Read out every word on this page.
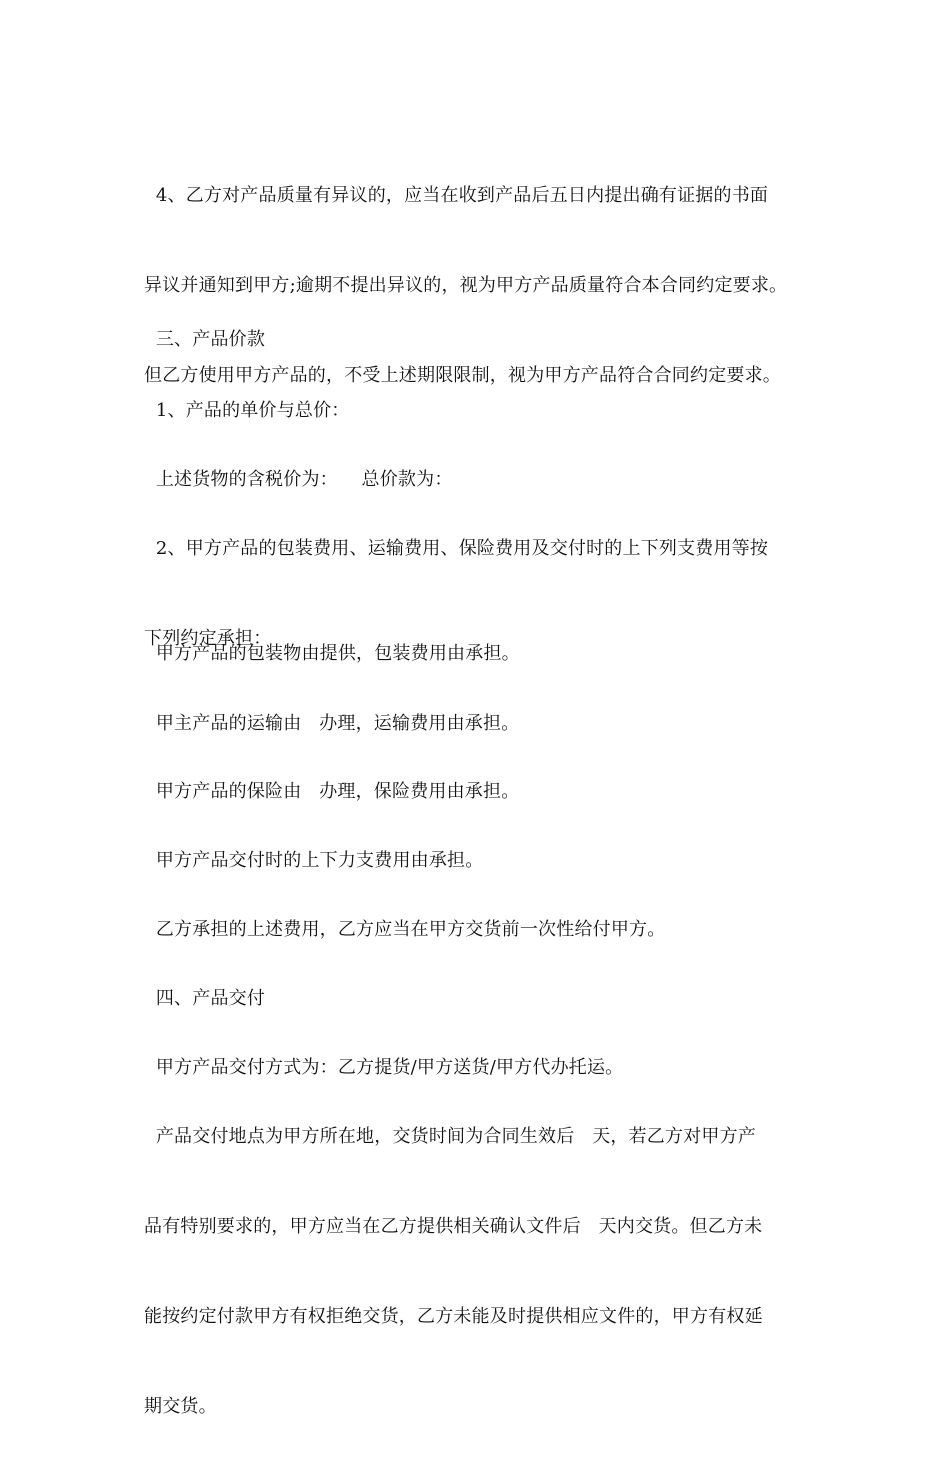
4、乙方对产品质量有异议的，应当在收到产品后五日内提出确有证据的书面

异议并通知到甲方;逾期不提出异议的，视为甲方产品质量符合本合同约定要求。

但乙方使用甲方产品的，不受上述期限限制，视为甲方产品符合合同约定要求。

三、产品价款

1、产品的单价与总价：

上述货物的含税价为：    总价款为：

2、甲方产品的包装费用、运输费用、保险费用及交付时的上下列支费用等按

下列约定承担：

甲方产品的包装物由提供，包装费用由承担。

甲主产品的运输由   办理，运输费用由承担。

甲方产品的保险由   办理，保险费用由承担。

甲方产品交付时的上下力支费用由承担。

乙方承担的上述费用，乙方应当在甲方交货前一次性给付甲方。

四、产品交付

甲方产品交付方式为：乙方提货/甲方送货/甲方代办托运。

产品交付地点为甲方所在地，交货时间为合同生效后   天，若乙方对甲方产

品有特别要求的，甲方应当在乙方提供相关确认文件后   天内交货。但乙方未

能按约定付款甲方有权拒绝交货，乙方未能及时提供相应文件的，甲方有权延

期交货。
